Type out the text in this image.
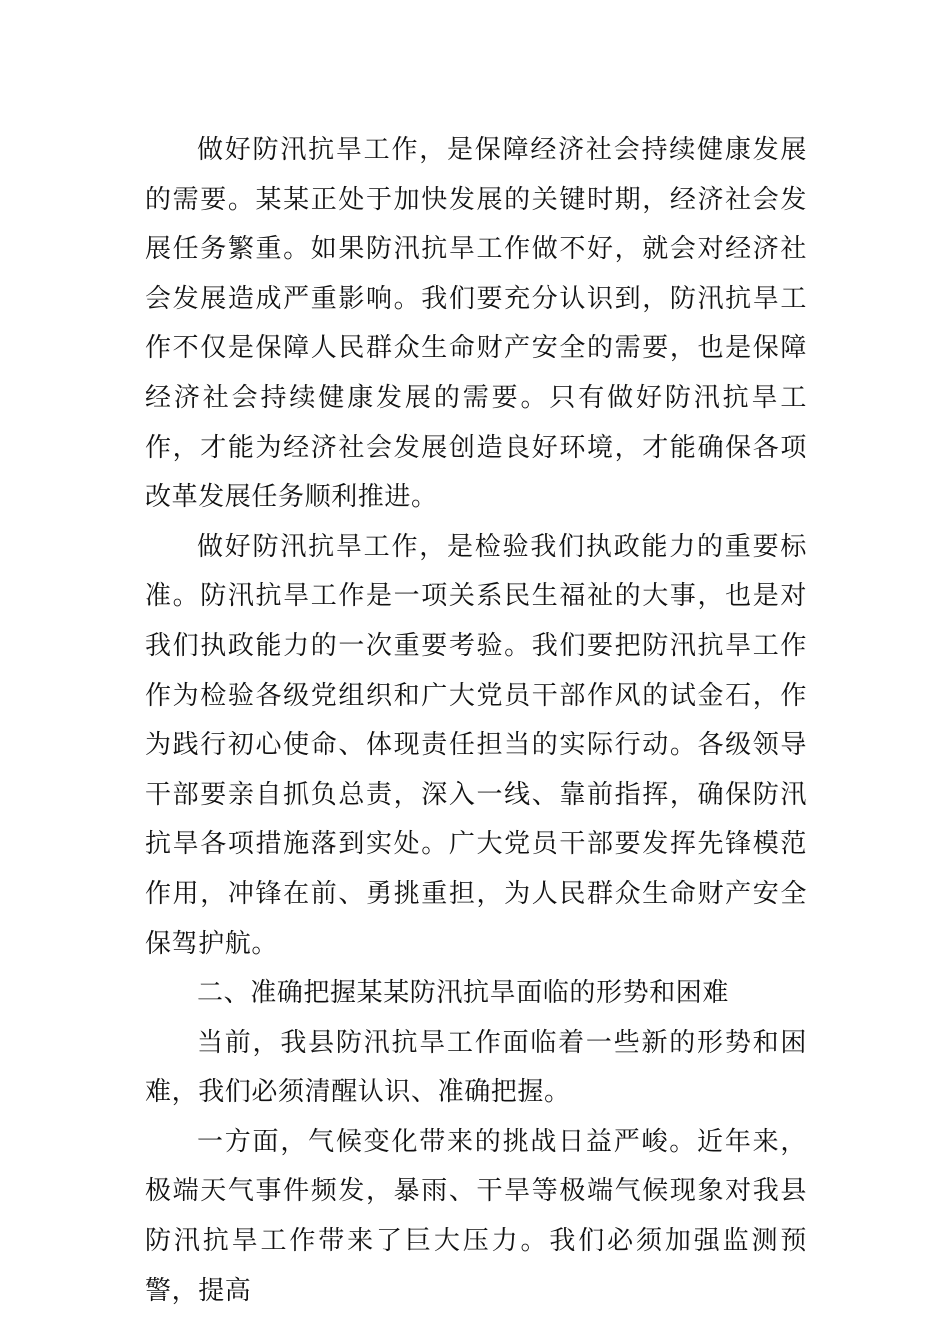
做好防汛抗旱工作，是保障经济社会持续健康发展的需要。某某正处于加快发展的关键时期，经济社会发展任务繁重。如果防汛抗旱工作做不好，就会对经济社会发展造成严重影响。我们要充分认识到，防汛抗旱工作不仅是保障人民群众生命财产安全的需要，也是保障经济社会持续健康发展的需要。只有做好防汛抗旱工作，才能为经济社会发展创造良好环境，才能确保各项改革发展任务顺利推进。

做好防汛抗旱工作，是检验我们执政能力的重要标准。防汛抗旱工作是一项关系民生福祉的大事，也是对我们执政能力的一次重要考验。我们要把防汛抗旱工作作为检验各级党组织和广大党员干部作风的试金石，作为践行初心使命、体现责任担当的实际行动。各级领导干部要亲自抓负总责，深入一线、靠前指挥，确保防汛抗旱各项措施落到实处。广大党员干部要发挥先锋模范作用，冲锋在前、勇挑重担，为人民群众生命财产安全保驾护航。

二、准确把握某某防汛抗旱面临的形势和困难

当前，我县防汛抗旱工作面临着一些新的形势和困难，我们必须清醒认识、准确把握。

一方面，气候变化带来的挑战日益严峻。近年来，极端天气事件频发，暴雨、干旱等极端气候现象对我县防汛抗旱工作带来了巨大压力。我们必须加强监测预警，提高
